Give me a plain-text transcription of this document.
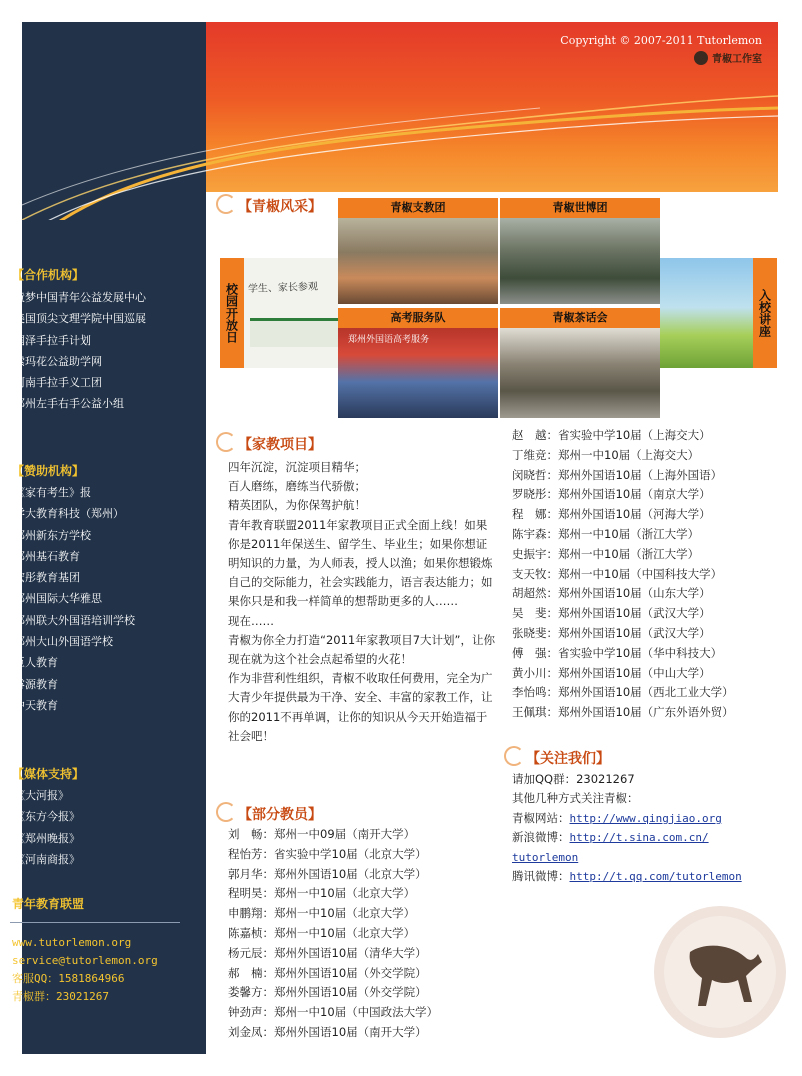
Copyright © 2007-2011 Tutorlemon
青椒工作室
【合作机构】
童梦中国青年公益发展中心
美国顶尖文理学院中国巡展
润泽手拉手计划
索玛花公益助学网
河南手拉手义工团
郑州左手右手公益小组
【赞助机构】
《家有考生》报
学大教育科技（郑州）
郑州新东方学校
郑州基石教育
宏彤教育基团
郑州国际大华雅思
郑州联大外国语培训学校
郑州大山外国语学校
巨人教育
睿源教育
中天教育
【媒体支持】
《大河报》
《东方今报》
《郑州晚报》
《河南商报》
青年教育联盟
www.tutorlemon.org
service@tutorlemon.org
客服QQ：1581864966
青椒群：23021267
【青椒风采】
校园开放日 学生、家长参观
入校讲座
青椒支教团	青椒世博团
高考服务队
郑州外国语高考服务
青椒茶话会
【家教项目】

四年沉淀，沉淀项目精华；

百人磨练，磨练当代骄傲；

精英团队，为你保驾护航！

青年教育联盟2011年家教项目正式全面上线！如果你是2011年保送生、留学生、毕业生；如果你想证明知识的力量，为人师表，授人以渔；如果你想锻炼自己的交际能力，社会实践能力，语言表达能力；如果你只是和我一样简单的想帮助更多的人……

现在……

青椒为你全力打造“2011年家教项目7大计划”，让你现在就为这个社会点起希望的火花！

作为非营利性组织，青椒不收取任何费用，完全为广大青少年提供最为干净、安全、丰富的家教工作，让你的2011不再单调，让你的知识从今天开始造福于社会吧！

【部分教员】
刘　畅：郑州一中09届（南开大学）
程怡芳：省实验中学10届（北京大学）
郭月华：郑州外国语10届（北京大学）
程明昊：郑州一中10届（北京大学）
申鹏翔：郑州一中10届（北京大学）
陈嘉桢：郑州一中10届（北京大学）
杨元辰：郑州外国语10届（清华大学）
郝　楠：郑州外国语10届（外交学院）
娄馨方：郑州外国语10届（外交学院）
钟劲声：郑州一中10届（中国政法大学）
刘金凤：郑州外国语10届（南开大学）
赵　越：省实验中学10届（上海交大）
丁维竞：郑州一中10届（上海交大）
闵晓哲：郑州外国语10届（上海外国语）
罗晓彤：郑州外国语10届（南京大学）
程　娜：郑州外国语10届（河海大学）
陈宇森：郑州一中10届（浙江大学）
史振宇：郑州一中10届（浙江大学）
支天牧：郑州一中10届（中国科技大学）
胡超然：郑州外国语10届（山东大学）
吴　斐：郑州外国语10届（武汉大学）
张晓斐：郑州外国语10届（武汉大学）
傅　强：省实验中学10届（华中科技大）
黄小川：郑州外国语10届（中山大学）
李怡鸣：郑州外国语10届（西北工业大学）
王佩琪：郑州外国语10届（广东外语外贸）
【关注我们】
请加QQ群：23021267
其他几种方式关注青椒：
青椒网站：http://www.qingjiao.org
新浪微博：http://t.sina.com.cn/
tutorlemon
腾讯微博：http://t.qq.com/tutorlemon
